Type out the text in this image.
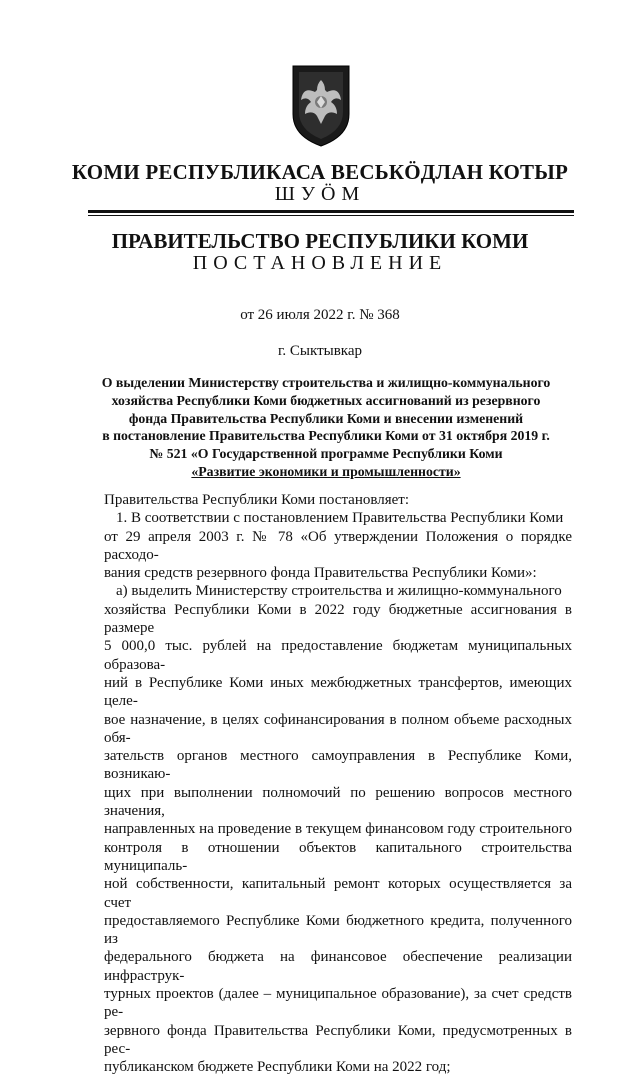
КОМИ РЕСПУБЛИКАСА ВЕСЬКÖДЛАН КОТЫР
ШУÖМ
ПРАВИТЕЛЬСТВО РЕСПУБЛИКИ КОМИ
ПОСТАНОВЛЕНИЕ
от 26 июля 2022 г. № 368
г. Сыктывкар
О выделении Министерству строительства и жилищно-коммунального
хозяйства Республики Коми бюджетных ассигнований из резервного
фонда Правительства Республики Коми и внесении изменений
в постановление Правительства Республики Коми от 31 октября 2019 г.
№ 521 «О Государственной программе Республики Коми
«Развитие экономики и промышленности»
Правительства Республики Коми постановляет:
1. В соответствии с постановлением Правительства Республики Коми
от 29 апреля 2003 г. № 78 «Об утверждении Положения о порядке расходо-
вания средств резервного фонда Правительства Республики Коми»:
а) выделить Министерству строительства и жилищно-коммунального
хозяйства Республики Коми в 2022 году бюджетные ассигнования в размере
5 000,0 тыс. рублей на предоставление бюджетам муниципальных образова-
ний в Республике Коми иных межбюджетных трансфертов, имеющих целе-
вое назначение, в целях софинансирования в полном объеме расходных обя-
зательств органов местного самоуправления в Республике Коми, возникаю-
щих при выполнении полномочий по решению вопросов местного значения,
направленных на проведение в текущем финансовом году строительного
контроля в отношении объектов капитального строительства муниципаль-
ной собственности, капитальный ремонт которых осуществляется за счет
предоставляемого Республике Коми бюджетного кредита, полученного из
федерального бюджета на финансовое обеспечение реализации инфраструк-
турных проектов (далее – муниципальное образование), за счет средств ре-
зервного фонда Правительства Республики Коми, предусмотренных в рес-
публиканском бюджете Республики Коми на 2022 год;
